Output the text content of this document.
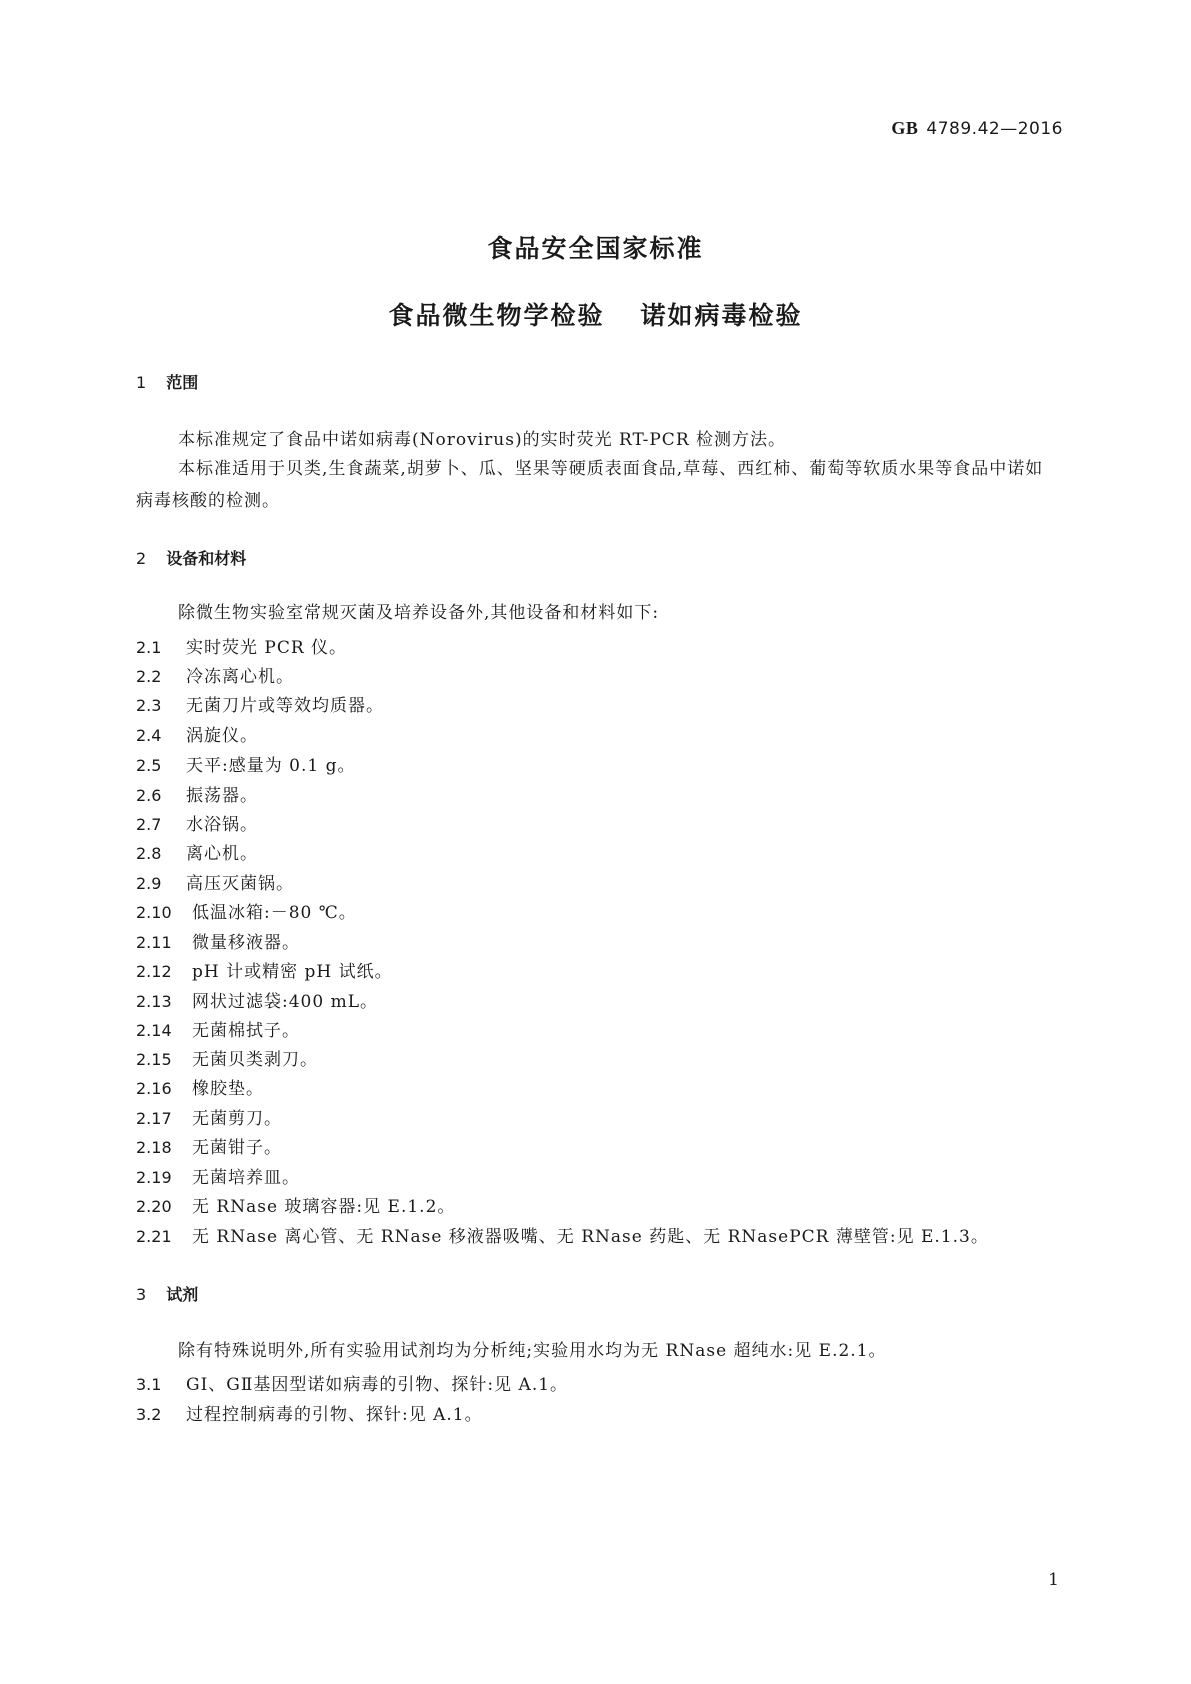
GB 4789.42—2016
食品安全国家标准
食品微生物学检验 诺如病毒检验
1 范围
本标准规定了食品中诺如病毒(Norovirus)的实时荧光 RT-PCR 检测方法。
本标准适用于贝类,生食蔬菜,胡萝卜、瓜、坚果等硬质表面食品,草莓、西红柿、葡萄等软质水果等食品中诺如病毒核酸的检测。
2 设备和材料
除微生物实验室常规灭菌及培养设备外,其他设备和材料如下:
2.1 实时荧光 PCR 仪。
2.2 冷冻离心机。
2.3 无菌刀片或等效均质器。
2.4 涡旋仪。
2.5 天平:感量为 0.1 g。
2.6 振荡器。
2.7 水浴锅。
2.8 离心机。
2.9 高压灭菌锅。
2.10 低温冰箱:－80 ℃。
2.11 微量移液器。
2.12 pH 计或精密 pH 试纸。
2.13 网状过滤袋:400 mL。
2.14 无菌棉拭子。
2.15 无菌贝类剥刀。
2.16 橡胶垫。
2.17 无菌剪刀。
2.18 无菌钳子。
2.19 无菌培养皿。
2.20 无 RNase 玻璃容器:见 E.1.2。
2.21 无 RNase 离心管、无 RNase 移液器吸嘴、无 RNase 药匙、无 RNasePCR 薄壁管:见 E.1.3。
3 试剂
除有特殊说明外,所有实验用试剂均为分析纯;实验用水均为无 RNase 超纯水:见 E.2.1。
3.1 GⅠ、GⅡ基因型诺如病毒的引物、探针:见 A.1。
3.2 过程控制病毒的引物、探针:见 A.1。
1
